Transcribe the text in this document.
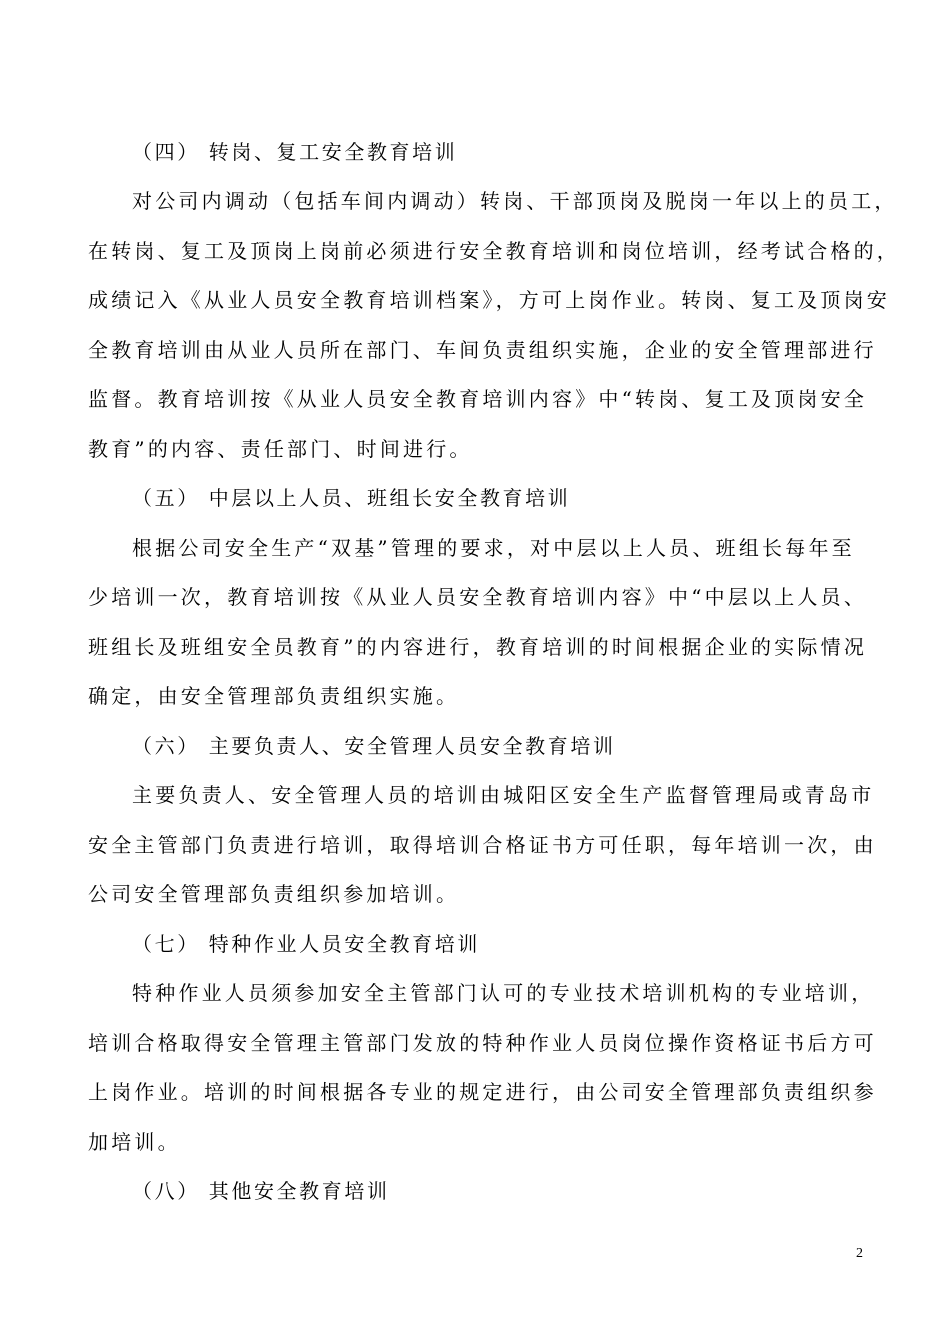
（四） 转岗、复工安全教育培训
对公司内调动（包括车间内调动）转岗、干部顶岗及脱岗一年以上的员工，
在转岗、复工及顶岗上岗前必须进行安全教育培训和岗位培训，经考试合格的，
成绩记入《从业人员安全教育培训档案》，方可上岗作业。转岗、复工及顶岗安
全教育培训由从业人员所在部门、车间负责组织实施，企业的安全管理部进行
监督。教育培训按《从业人员安全教育培训内容》中“转岗、复工及顶岗安全
教育”的内容、责任部门、时间进行。
（五） 中层以上人员、班组长安全教育培训
根据公司安全生产“双基”管理的要求，对中层以上人员、班组长每年至
少培训一次，教育培训按《从业人员安全教育培训内容》中“中层以上人员、
班组长及班组安全员教育”的内容进行，教育培训的时间根据企业的实际情况
确定，由安全管理部负责组织实施。
（六） 主要负责人、安全管理人员安全教育培训
主要负责人、安全管理人员的培训由城阳区安全生产监督管理局或青岛市
安全主管部门负责进行培训，取得培训合格证书方可任职，每年培训一次，由
公司安全管理部负责组织参加培训。
（七） 特种作业人员安全教育培训
特种作业人员须参加安全主管部门认可的专业技术培训机构的专业培训，
培训合格取得安全管理主管部门发放的特种作业人员岗位操作资格证书后方可
上岗作业。培训的时间根据各专业的规定进行，由公司安全管理部负责组织参
加培训。
（八） 其他安全教育培训
2
